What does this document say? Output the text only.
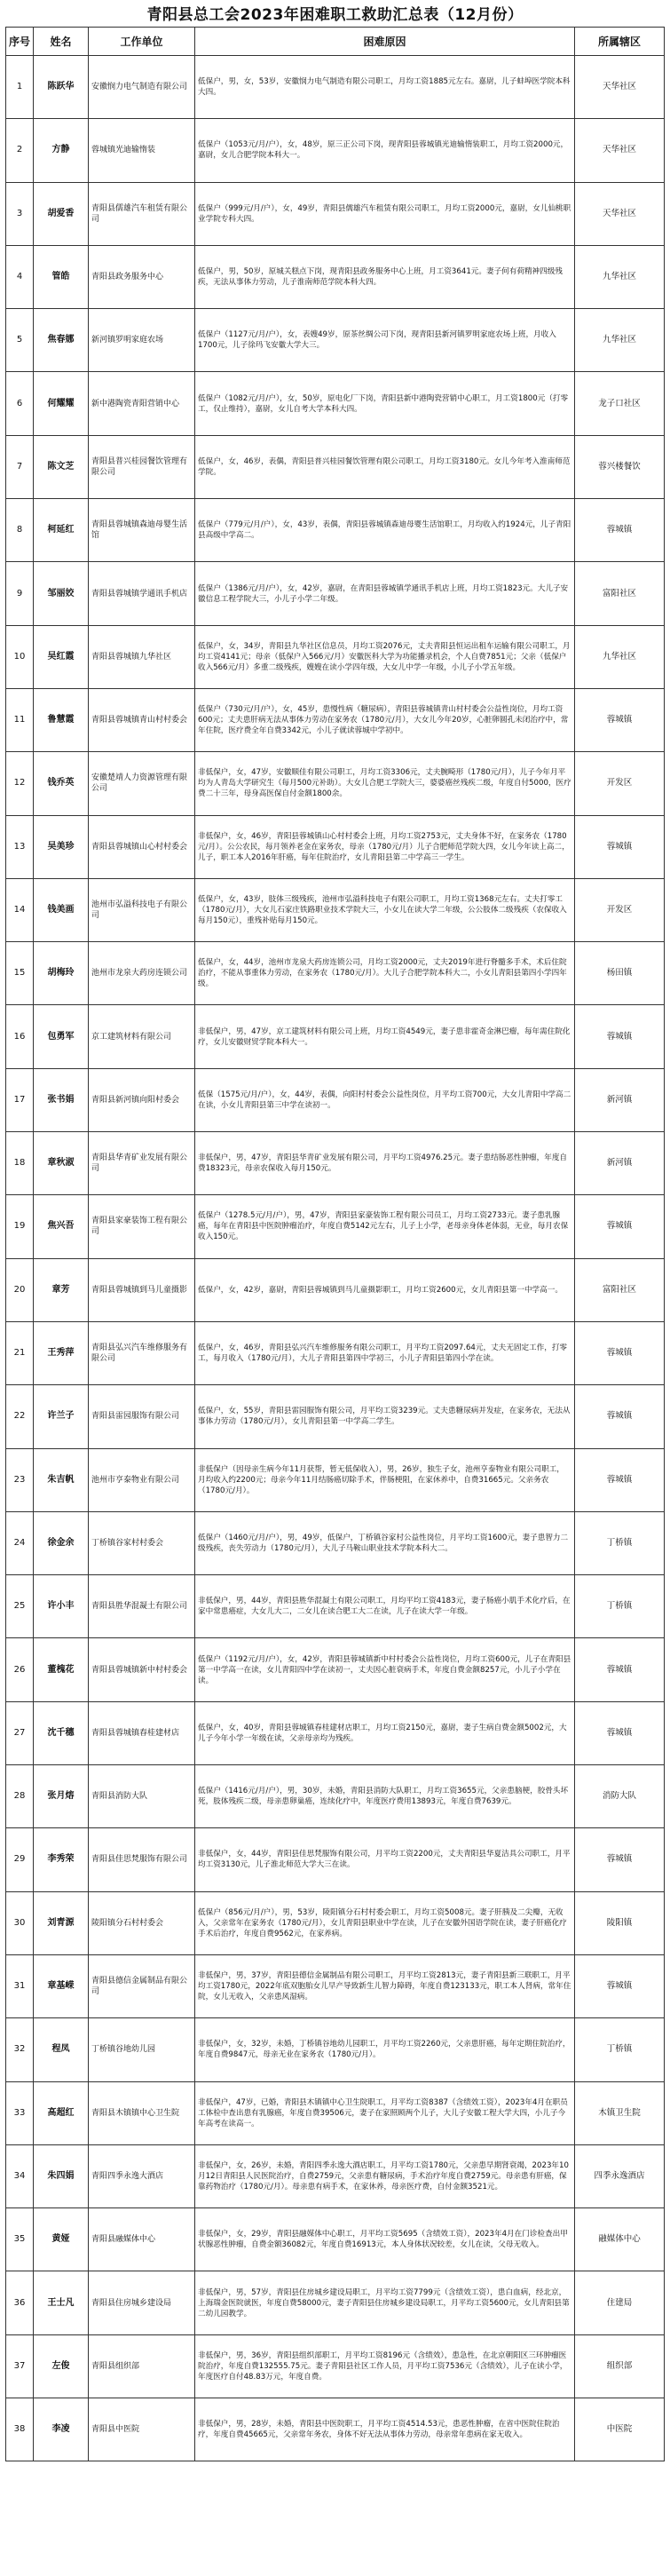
青阳县总工会2023年困难职工救助汇总表（12月份）
序号	姓名	工作单位	困难原因	所属辖区
1	陈跃华	安徽悯力电气制造有限公司	低保户，男，女，53岁，安徽悯力电气制造有限公司职工，月均工资1885元左右。嘉尉，儿子蚌埠医学院本科大四。	天华社区
2	方静	蓉城镇光迪输惰装	低保户（1053元/月/户），女，48岁，原三正公司下岗，现青阳县蓉城镇光迪输惰装职工，月均工资2000元，嘉尉，女儿合肥学院本科大一。	天华社区
3	胡爱香	青阳县儒雄汽车租赁有限公司	低保户（999元/月/户），女，49岁，青阳县儒雄汽车租赁有限公司职工，月均工资2000元，嘉尉，女儿仙桃职业学院专科大四。	天华社区
4	管皓	青阳县政务服务中心	低保户，男，50岁，原城关糕点下岗，现青阳县政务服务中心上班，月工资3641元。妻子何有荷精神四级残疾，无法从事体力劳动，儿子淮南师范学院本科大四。	九华社区
5	焦春娜	新河镇罗明家庭农场	低保户（1127元/月/户），女，表嫂49岁，原茶丝绸公司下岗，现青阳县新河镇罗明家庭农场上班，月收入1700元，儿子徐玛飞安徽大学大三。	九华社区
6	何耀耀	新中港陶瓷青阳营销中心	低保户（1082元/月/户），女，50岁，原电化厂下岗，青阳县新中港陶瓷营销中心职工，月工资1800元（打零工，仅止维持），嘉尉，女儿自考大学本科大四。	龙子口社区
7	陈文芝	青阳县普兴桂园餐饮管理有限公司	低保户，女，46岁，表偶，青阳县普兴桂园餐饮管理有限公司职工，月均工资3180元。女儿今年考入淮南师范学院。	蓉兴楼餐饮
8	柯延红	青阳县蓉城镇森迪母婴生活馆	低保户（779元/月/户），女，43岁，表偶，青阳县蓉城镇森迪母婴生活馆职工，月均收入约1924元，儿子青阳县高级中学高二。	蓉城镇
9	邹丽姣	青阳县蓉城镇学通讯手机店	低保户（1386元/月/户），女，42岁，嘉尉，在青阳县蓉城镇学通讯手机店上班，月均工资1823元。大儿子安徽信息工程学院大三，小儿子小学二年级。	富阳社区
10	吴红霞	青阳县蓉城镇九华社区	低保户，女，34岁，青阳县九华社区信息员，月均工资2076元，丈夫青阳县恒运出租车运输有限公司职工，月均工资4141元；母亲（低保户入566元/月）安徽医科大学为功能播录机会，个人自费7851元；父亲（低保户收入566元/月）多重二级残疾，嫂嫂在读小学四年级，大女儿中学一年级，小儿子小学五年级。	九华社区
11	鲁慧霞	青阳县蓉城镇青山村村委会	低保户（730元/月/户），女，45岁，患慢性病（糖尿病），青阳县蓉城镇青山村村委会公益性岗位，月均工资600元；丈夫患肝病无法从事体力劳动在家务农（1780元/月），大女儿今年20岁，心脏卵圆孔未闭治疗中，常年住院，医疗费全年自费3342元，小儿子就读蓉城中学初中。	蓉城镇
12	钱乔英	安徽楚靖人力资源管理有限公司	非低保户，女，47岁，安徽顺佳有限公司职工，月均工资3306元，丈夫腕畸形（1780元/月），儿子今年月平均为人青岛大学研究生（每月500元补助）。大女儿合肥工学院大三，婆婆癌丝残疾二级，年度自付5000，医疗费二十三年，母身高医保自付金额1800余。	开发区
13	吴美珍	青阳县蓉城镇山心村村委会	非低保户，女，46岁，青阳县蓉城镇山心村村委会上班，月均工资2753元，丈夫身体不好，在家务农（1780元/月）。公公农民，每月领养老金在家务农，母亲（1780元/月）儿子合肥师范学院大四，女儿今年读上高二，儿子，职工本人2016年肝癌，每年住院治疗，女儿青阳县第二中学高三一学生。	蓉城镇
14	钱美画	池州市弘溢科技电子有限公司	低保户，女，43岁，肢体三级残疾，池州市弘溢科技电子有限公司职工，月均工资1368元左右。丈夫打零工（1780元/月），大女儿石家庄铁路职业技术学院大三，小女儿在读大学二年级，公公肢体二级残疾（农保收入每月150元），重残补贴每月150元。	开发区
15	胡梅玲	池州市龙泉大药房连锁公司	低保户，女，44岁，池州市龙泉大药房连锁公司，月均工资2000元，丈夫2019年进行脊髓多手术，术后住院治疗，不能从事重体力劳动，在家务农（1780元/月）。大儿子合肥学院本科大二，小女儿青阳县第四小学四年级。	杨田镇
16	包勇军	京工建筑材料有限公司	非低保户，男，47岁，京工建筑材料有限公司上班，月均工资4549元，妻子患非霍奇金淋巴瘤，每年需住院化疗，女儿安徽财贸学院本科大一。	蓉城镇
17	张书娟	青阳县新河镇向阳村委会	低保（1575元/月/户），女，44岁，表偶，向阳村村委会公益性岗位，月平均工资700元，大女儿青阳中学高二在读，小女儿青阳县第三中学在读初一。	新河镇
18	章秋淑	青阳县华青矿业发展有限公司	非低保户，男，47岁，青阳县华青矿业发展有限公司，月平均工资4976.25元。妻子患结肠恶性肿瘤，年度自费18323元，母亲农保收入每月150元。	新河镇
19	焦兴吾	青阳县家豪装饰工程有限公司	低保户（1278.5元/月/户），男，47岁，青阳县家豪装饰工程有限公司员工，月均工资2733元。妻子患乳腺癌，每年在青阳县中医院肿瘤治疗，年度自费5142元左右，儿子上小学，老母亲身体老体弱，无业，每月农保收入150元。	蓉城镇
20	章芳	青阳县蓉城镇到马儿童摄影	低保户，女，42岁，嘉尉，青阳县蓉城镇到马儿童摄影职工，月均工资2600元，女儿青阳县第一中学高一。	富阳社区
21	王秀萍	青阳县弘兴汽车维修服务有限公司	低保户，女，46岁，青阳县弘兴汽车维修服务有限公司职工，月平均工资2097.64元，丈夫无固定工作，打零工，每月收入（1780元/月），大儿子青阳县第四中学初三，小儿子青阳县第四小学在读。	蓉城镇
22	许兰子	青阳县雷园服饰有限公司	低保户，女，55岁，青阳县雷园服饰有限公司，月平均工资3239元。丈夫患糖尿病并发症，在家务农，无法从事体力劳动（1780元/月），女儿青阳县第一中学高二学生。	蓉城镇
23	朱吉帆	池州市亨泰物业有限公司	非低保户（因母亲生病今年11月获帮，暂无低保收入），男，26岁，独生子女，池州亨泰物业有限公司职工，月均收入约2200元；母亲今年11月结肠癌切除手术，伴肠梗阻，在家休养中，自费31665元。父亲务农（1780元/月）。	蓉城镇
24	徐金余	丁桥镇谷家村村委会	低保户（1460元/月/户），男，49岁，低保户，丁桥镇谷家村公益性岗位，月平均工资1600元，妻子患智力二级残疾，丧失劳动力（1780元/月），大儿子马鞍山职业技术学院本科大二。	丁桥镇
25	许小丰	青阳县胜华混凝土有限公司	非低保户，男，44岁，青阳县胜华混凝土有限公司职工，月均平均工资4183元，妻子肠癌小肌手术化疗后，在家中常患癌症，大女儿大二，二女儿在读合肥工大二在读，儿子在读大学一年级。	丁桥镇
26	董槐花	青阳县蓉城镇新中村村委会	低保户（1192元/月/户），女，42岁，青阳县蓉城镇新中村村委会公益性岗位，月均工资600元，儿子在青阳县第一中学高一在读，女儿青阳四中学在读初一，丈夫因心脏衰病手术，年度自费金额8257元，小儿子小学在读。	蓉城镇
27	沈千穗	青阳县蓉城镇春桂建材店	低保户，女，40岁，青阳县蓉城镇春桂建材店职工，月均工资2150元，嘉尉，妻子生病自费金额5002元，大儿子今年小学一年级在读，父亲母亲均为残疾。	蓉城镇
28	张月熔	青阳县消防大队	低保户（1416元/月/户），男，30岁，未婚，青阳县消防大队职工，月均工资3655元，父亲患脑梗，胶骨头坏死，肢体残疾二级，母亲患卵巢癌，连续化疗中，年度医疗费用13893元，年度自费7639元。	消防大队
29	李秀荣	青阳县佳思梵服饰有限公司	非低保户，女，44岁，青阳县佳思梵服饰有限公司，月平均工资2200元，丈夫青阳县华夏洁具公司职工，月平均工资3130元，儿子淮北师范大学大三在读。	蓉城镇
30	刘青源	陵阳镇分石村村委会	低保户（856元/月/户），男，53岁，陵阳镇分石村村委会职工，月均工资5008元。妻子肝胰及二尖瓣，无收入，父亲常年在家务农（1780元/月），女儿青阳县职业中学在读，儿子在安徽外国语学院在读，妻子肝癌化疗手术后治疗，年度自费9562元，在家养病。	陵阳镇
31	章基嵘	青阳县德信金属制品有限公司	非低保户，男，37岁，青阳县德信金属制品有限公司职工，月平均工资2813元，妻子青阳县新三联职工，月平均工资1780元，2022年底双胞胎女儿早产导致新生儿智力障碍，年度自费123133元，职工本人肾病，常年住院，女儿无收入，父亲患风湿病。	蓉城镇
32	程凤	丁桥镇谷地幼儿园	非低保户，女，32岁，未婚，丁桥镇谷地幼儿园职工，月平均工资2260元，父亲患肝癌，每年定期住院治疗，年度自费9847元，母亲无业在家务农（1780元/月）。	丁桥镇
33	高超红	青阳县木镇镇中心卫生院	非低保户，47岁，已婚，青阳县木镇镇中心卫生院职工，月平均工资8387（含绩效工资），2023年4月在职员工体检中查出患有乳腺癌，年度自费39506元，妻子在家照顾两个儿子，大儿子安徽工程大学大四，小儿子今年高考在读高一。	木镇卫生院
34	朱四娟	青阳四季永逸大酒店	非低保户，女，26岁，未婚，青阳四季永逸大酒店职工，月平均工资1780元，父亲患早期肾衰竭，2023年10月12日青阳县人民医院治疗，自费2759元，父亲患有糖尿病，手术治疗年度自费2759元。母亲患有肝癌，保靠药物治疗（1780元/月）。母亲患有病手术，在家休养，母亲医疗费，自付金额3521元。	四季永逸酒店
35	黄娅	青阳县融媒体中心	非低保户，女，29岁，青阳县融媒体中心职工，月平均工资5695（含绩效工资），2023年4月在门诊检查出甲状腺恶性肿瘤，自费金额36082元，年度自费16913元，本人身体状况较差，女儿在读，父母无收入。	融媒体中心
36	王士凡	青阳县住房城乡建设局	非低保户，男，57岁，青阳县住房城乡建设局职工，月平均工资7799元（含绩效工资），患白血病，经北京，上海瑞金医院就医，年度自费58000元，妻子青阳县住房城乡建设局职工，月平均工资5600元，女儿青阳县第二幼儿园教学。	住建局
37	左俊	青阳县组织部	非低保户，男，36岁，青阳县组织部职工，月平均工资8196元（含绩效），患急性，在北京朝阳区三环肿瘤医院治疗，年度自费132555.75元。妻子青阳县社区工作人员，月平均工资7536元（含绩效），儿子在读小学，年度医疗自付48.83万元，年度自费。	组织部
38	李凌	青阳县中医院	非低保户，男，28岁，未婚，青阳县中医院职工，月平均工资4514.53元，患恶性肿瘤，在省中医院住院治疗，年度自费45665元，父亲常年务农，身体不好无法从事体力劳动，母亲常年患病在家无收入。	中医院
